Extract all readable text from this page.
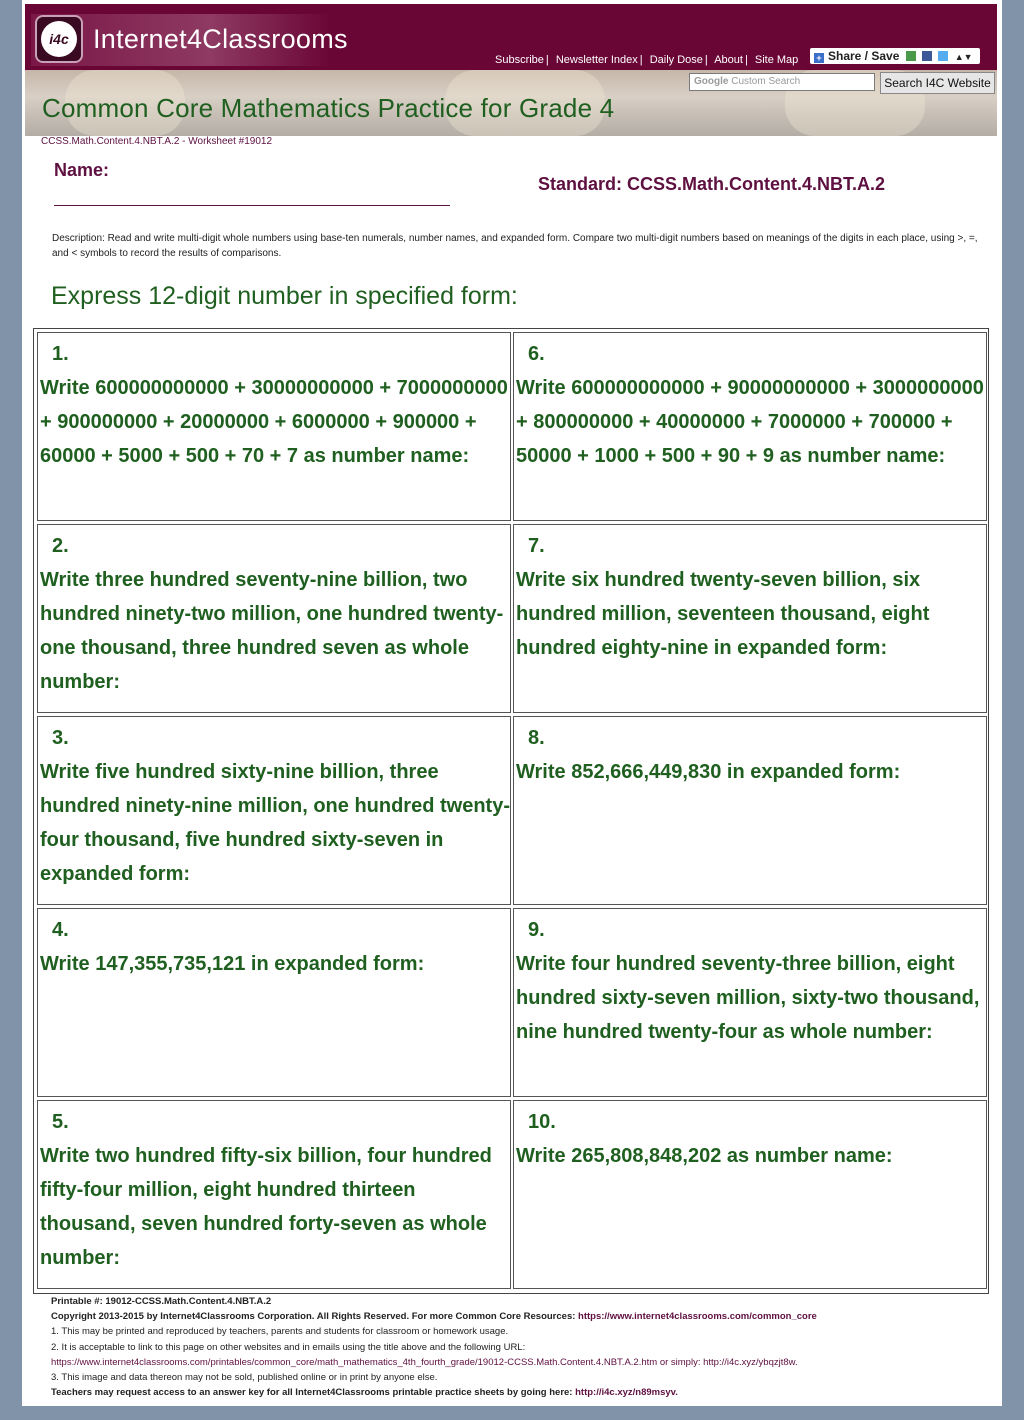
i4c Internet4Classrooms
Subscribe | Newsletter Index | Daily Dose | About | Site Map	+ Share / Save	▲▼
Google Custom Search	Search I4C Website
Common Core Mathematics Practice for Grade 4
CCSS.Math.Content.4.NBT.A.2 - Worksheet #19012
Name:
Standard: CCSS.Math.Content.4.NBT.A.2
Description: Read and write multi-digit whole numbers using base-ten numerals, number names, and expanded form. Compare two multi-digit numbers based on meanings of the digits in each place, using >, =, and < symbols to record the results of comparisons.
Express 12-digit number in specified form:
1.
Write 600000000000 + 30000000000 + 7000000000 + 900000000 + 20000000 + 6000000 + 900000 + 60000 + 5000 + 500 + 70 + 7 as number name:
6.
Write 600000000000 + 90000000000 + 3000000000 + 800000000 + 40000000 + 7000000 + 700000 + 50000 + 1000 + 500 + 90 + 9 as number name:
2.
Write three hundred seventy-nine billion, two hundred ninety-two million, one hundred twenty-one thousand, three hundred seven as whole number:
7.
Write six hundred twenty-seven billion, six hundred million, seventeen thousand, eight hundred eighty-nine in expanded form:
3.
Write five hundred sixty-nine billion, three hundred ninety-nine million, one hundred twenty-four thousand, five hundred sixty-seven in expanded form:
8.
Write 852,666,449,830 in expanded form:
4.
Write 147,355,735,121 in expanded form:
9.
Write four hundred seventy-three billion, eight hundred sixty-seven million, sixty-two thousand, nine hundred twenty-four as whole number:
5.
Write two hundred fifty-six billion, four hundred fifty-four million, eight hundred thirteen thousand, seven hundred forty-seven as whole number:
10.
Write 265,808,848,202 as number name:
Printable #: 19012-CCSS.Math.Content.4.NBT.A.2
Copyright 2013-2015 by Internet4Classrooms Corporation. All Rights Reserved. For more Common Core Resources: https://www.internet4classrooms.com/common_core
1. This may be printed and reproduced by teachers, parents and students for classroom or homework usage.
2. It is acceptable to link to this page on other websites and in emails using the title above and the following URL:
https://www.internet4classrooms.com/printables/common_core/math_mathematics_4th_fourth_grade/19012-CCSS.Math.Content.4.NBT.A.2.htm or simply: http://i4c.xyz/ybqzjt8w.
3. This image and data thereon may not be sold, published online or in print by anyone else.
Teachers may request access to an answer key for all Internet4Classrooms printable practice sheets by going here: http://i4c.xyz/n89msyv.
